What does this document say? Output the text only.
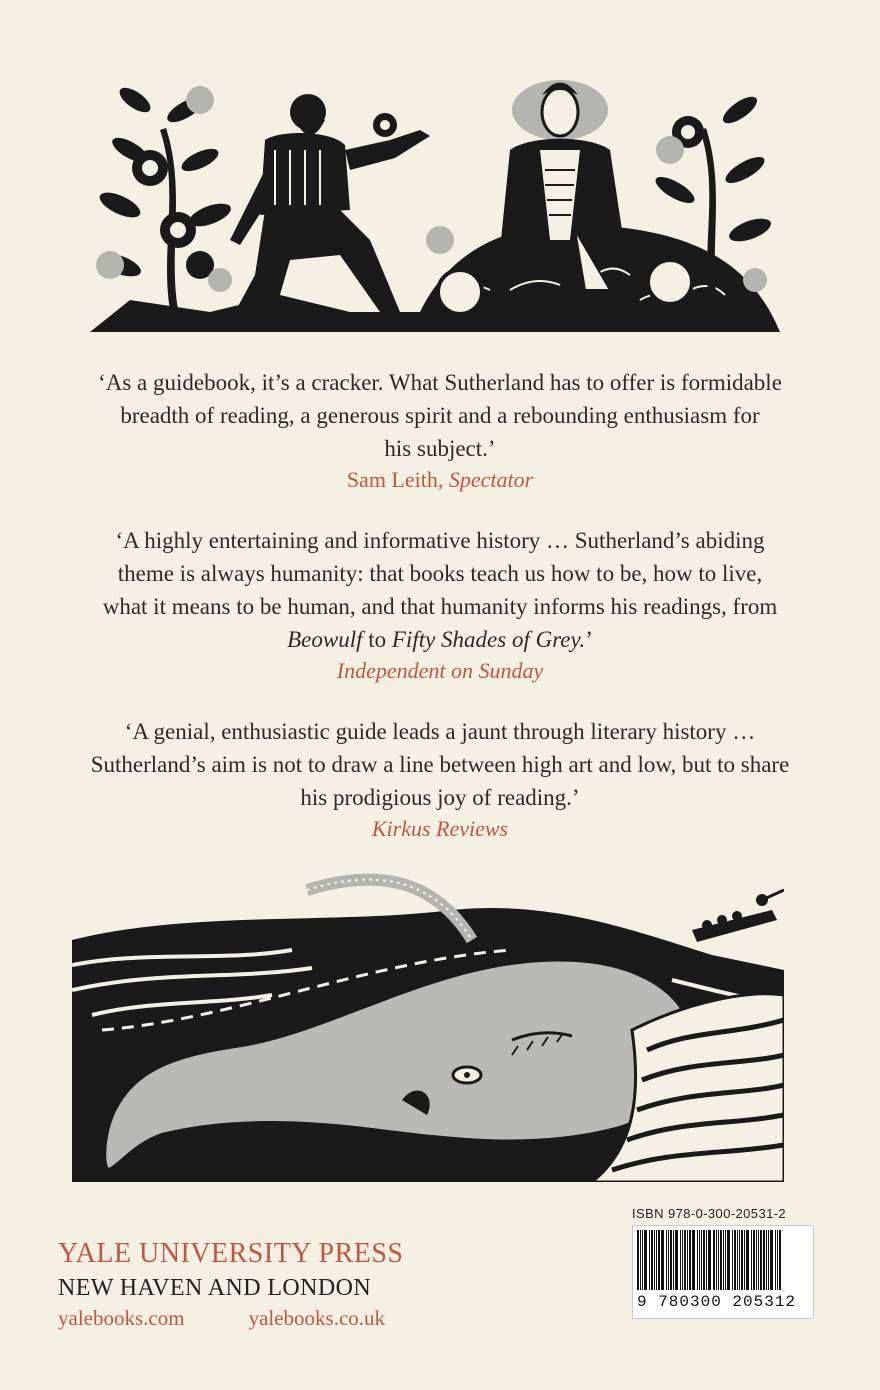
‘As a guidebook, it’s a cracker. What Sutherland has to offer is formidable

breadth of reading, a generous spirit and a rebounding enthusiasm for

his subject.’

Sam Leith, Spectator

‘A highly entertaining and informative history … Sutherland’s abiding

theme is always humanity: that books teach us how to be, how to live,

what it means to be human, and that humanity informs his readings, from

Beowulf to Fifty Shades of Grey.’

Independent on Sunday

‘A genial, enthusiastic guide leads a jaunt through literary history …

Sutherland’s aim is not to draw a line between high art and low, but to share

his prodigious joy of reading.’

Kirkus Reviews

YALE UNIVERSITY PRESS
NEW HAVEN AND LONDON
yalebooks.com	yalebooks.co.uk
ISBN 978-0-300-20531-2
9 780300 205312
